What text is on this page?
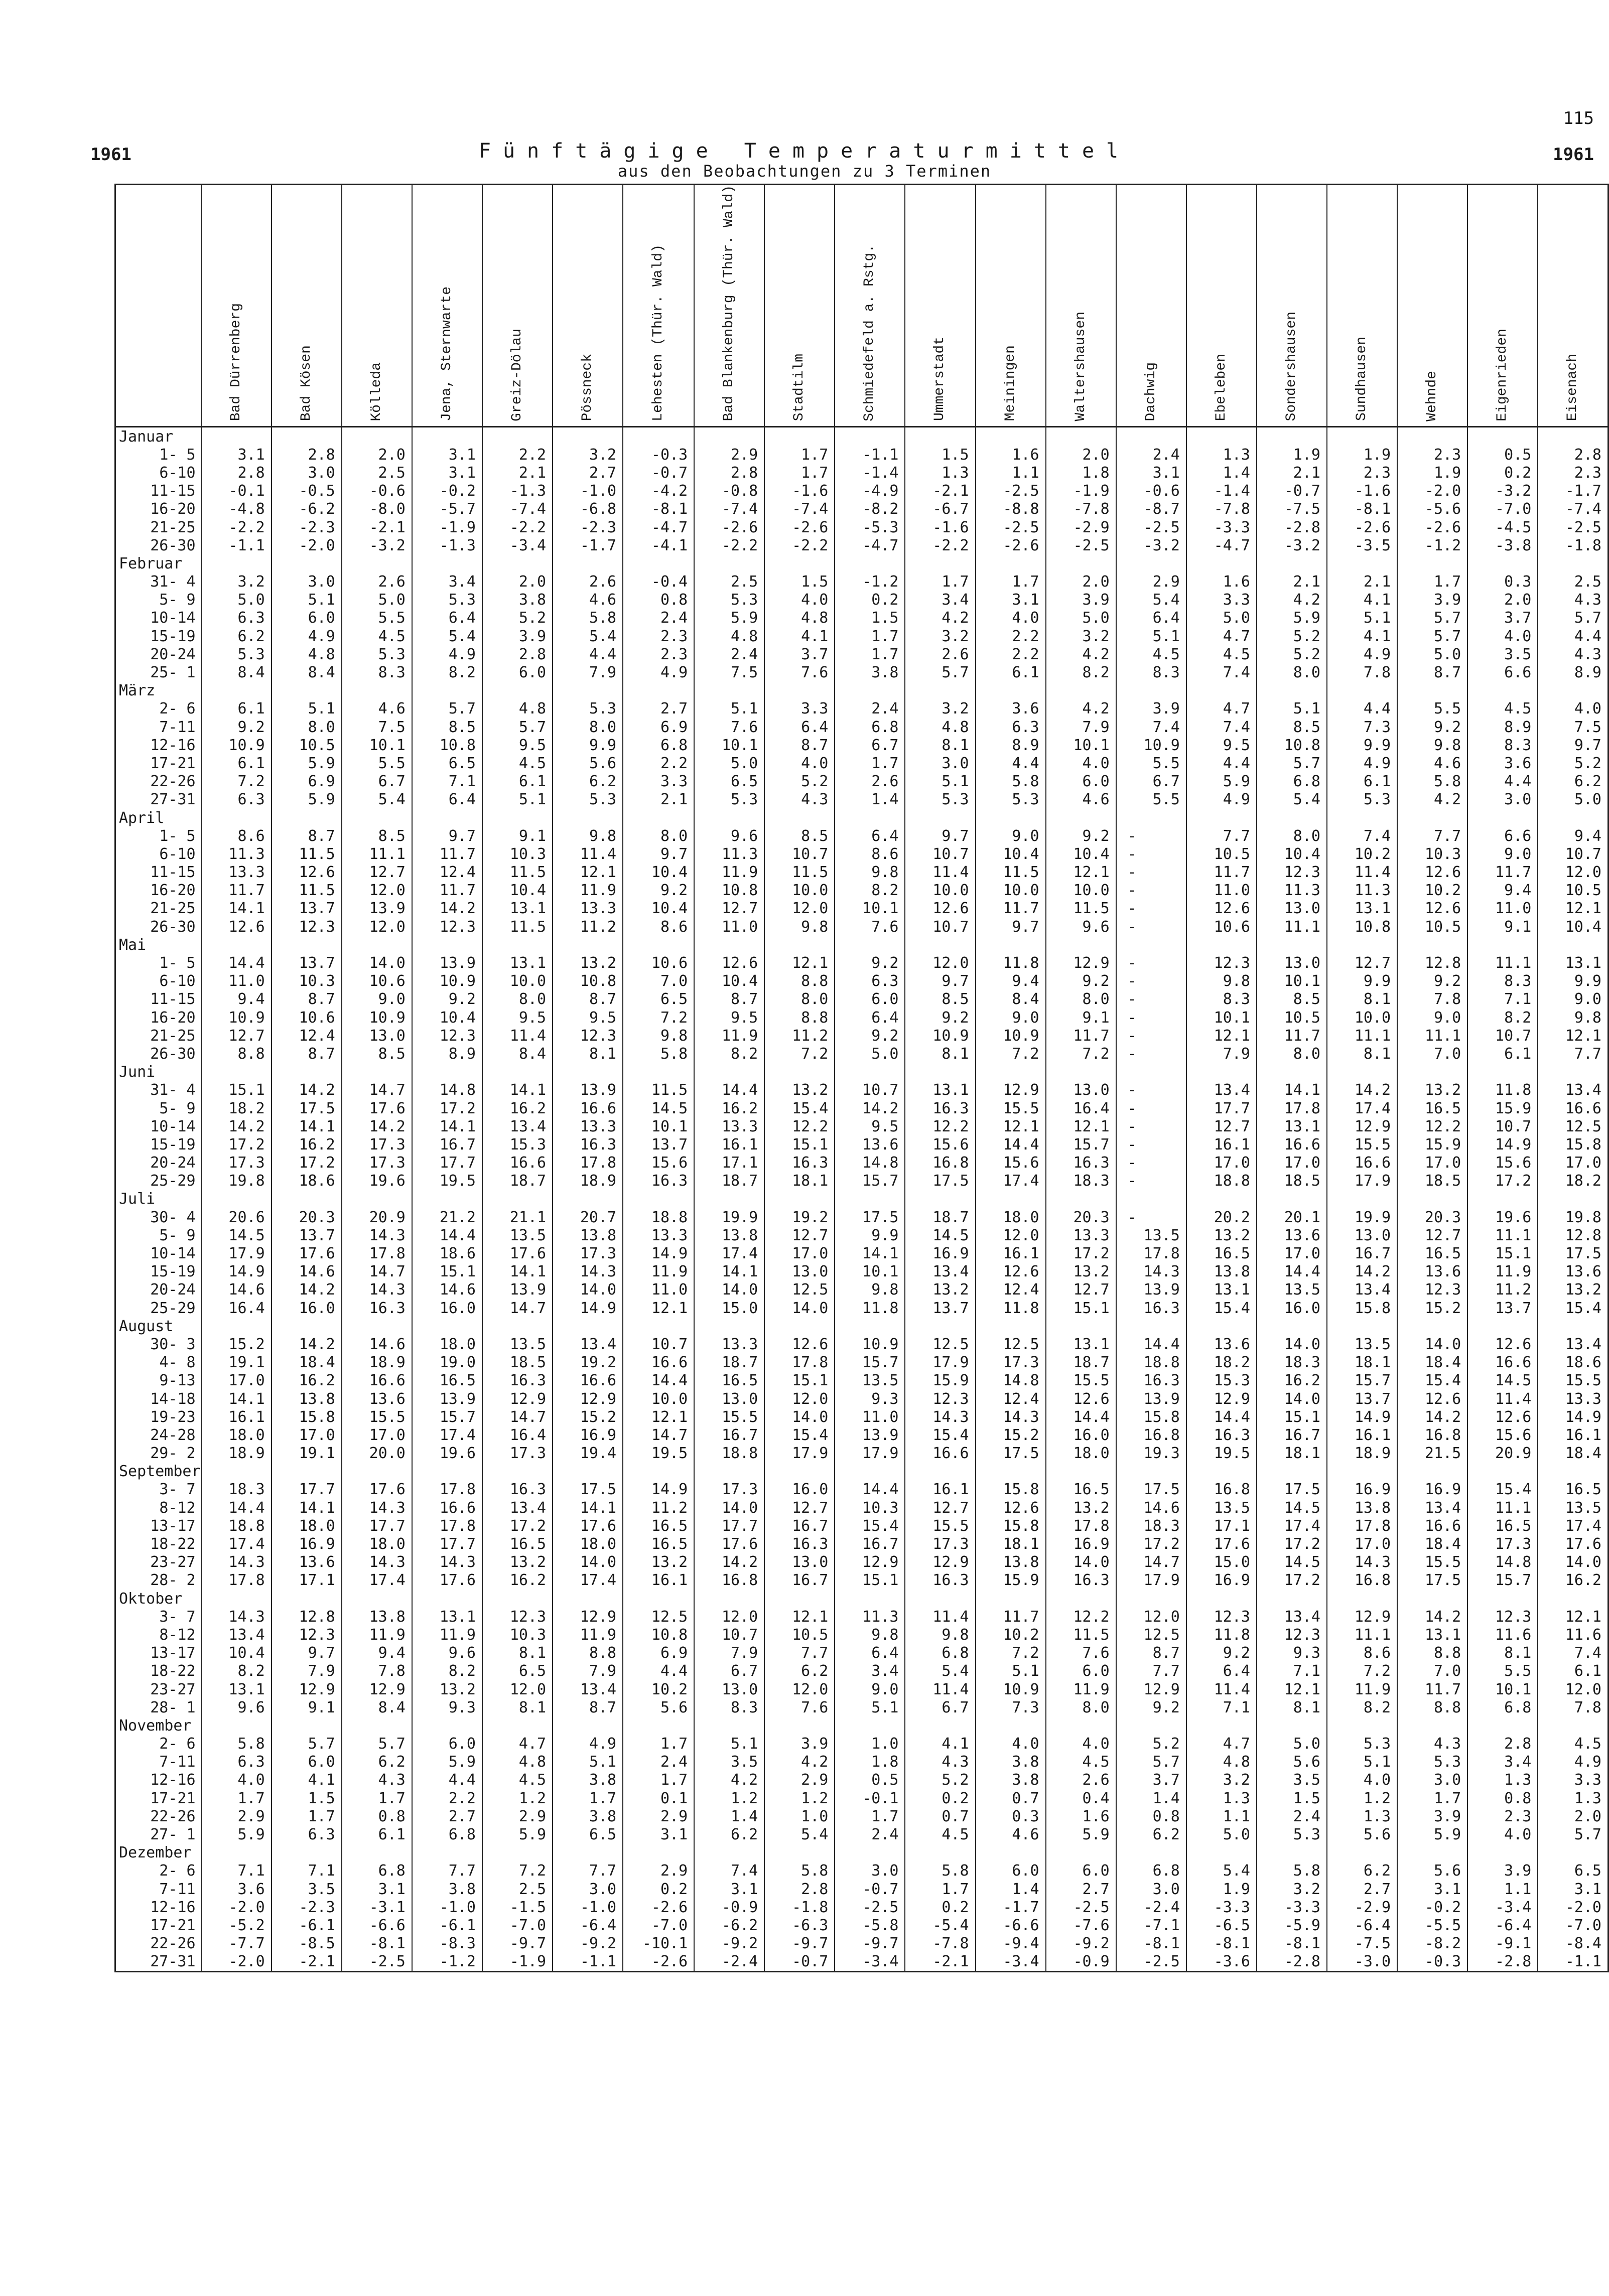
115
1961	1961
Fünftägige Temperaturmittel
aus den Beobachtungen zu 3 Terminen
	Bad Dürrenberg	Bad Kösen	Kölleda	Jena, Sternwarte	Greiz-Dölau	Pössneck	Lehesten (Thür. Wald)	Bad Blankenburg (Thür. Wald)	Stadtilm	Schmiedefeld a. Rstg.	Ummerstadt	Meiningen	Waltershausen	Dachwig	Ebeleben	Sondershausen	Sundhausen	Wehnde	Eigenrieden	Eisenach
Januar																				
1- 5	3.1	2.8	2.0	3.1	2.2	3.2	-0.3	2.9	1.7	-1.1	1.5	1.6	2.0	2.4	1.3	1.9	1.9	2.3	0.5	2.8
6-10	2.8	3.0	2.5	3.1	2.1	2.7	-0.7	2.8	1.7	-1.4	1.3	1.1	1.8	3.1	1.4	2.1	2.3	1.9	0.2	2.3
11-15	-0.1	-0.5	-0.6	-0.2	-1.3	-1.0	-4.2	-0.8	-1.6	-4.9	-2.1	-2.5	-1.9	-0.6	-1.4	-0.7	-1.6	-2.0	-3.2	-1.7
16-20	-4.8	-6.2	-8.0	-5.7	-7.4	-6.8	-8.1	-7.4	-7.4	-8.2	-6.7	-8.8	-7.8	-8.7	-7.8	-7.5	-8.1	-5.6	-7.0	-7.4
21-25	-2.2	-2.3	-2.1	-1.9	-2.2	-2.3	-4.7	-2.6	-2.6	-5.3	-1.6	-2.5	-2.9	-2.5	-3.3	-2.8	-2.6	-2.6	-4.5	-2.5
26-30	-1.1	-2.0	-3.2	-1.3	-3.4	-1.7	-4.1	-2.2	-2.2	-4.7	-2.2	-2.6	-2.5	-3.2	-4.7	-3.2	-3.5	-1.2	-3.8	-1.8
Februar																				
31- 4	3.2	3.0	2.6	3.4	2.0	2.6	-0.4	2.5	1.5	-1.2	1.7	1.7	2.0	2.9	1.6	2.1	2.1	1.7	0.3	2.5
5- 9	5.0	5.1	5.0	5.3	3.8	4.6	0.8	5.3	4.0	0.2	3.4	3.1	3.9	5.4	3.3	4.2	4.1	3.9	2.0	4.3
10-14	6.3	6.0	5.5	6.4	5.2	5.8	2.4	5.9	4.8	1.5	4.2	4.0	5.0	6.4	5.0	5.9	5.1	5.7	3.7	5.7
15-19	6.2	4.9	4.5	5.4	3.9	5.4	2.3	4.8	4.1	1.7	3.2	2.2	3.2	5.1	4.7	5.2	4.1	5.7	4.0	4.4
20-24	5.3	4.8	5.3	4.9	2.8	4.4	2.3	2.4	3.7	1.7	2.6	2.2	4.2	4.5	4.5	5.2	4.9	5.0	3.5	4.3
25- 1	8.4	8.4	8.3	8.2	6.0	7.9	4.9	7.5	7.6	3.8	5.7	6.1	8.2	8.3	7.4	8.0	7.8	8.7	6.6	8.9
März																				
2- 6	6.1	5.1	4.6	5.7	4.8	5.3	2.7	5.1	3.3	2.4	3.2	3.6	4.2	3.9	4.7	5.1	4.4	5.5	4.5	4.0
7-11	9.2	8.0	7.5	8.5	5.7	8.0	6.9	7.6	6.4	6.8	4.8	6.3	7.9	7.4	7.4	8.5	7.3	9.2	8.9	7.5
12-16	10.9	10.5	10.1	10.8	9.5	9.9	6.8	10.1	8.7	6.7	8.1	8.9	10.1	10.9	9.5	10.8	9.9	9.8	8.3	9.7
17-21	6.1	5.9	5.5	6.5	4.5	5.6	2.2	5.0	4.0	1.7	3.0	4.4	4.0	5.5	4.4	5.7	4.9	4.6	3.6	5.2
22-26	7.2	6.9	6.7	7.1	6.1	6.2	3.3	6.5	5.2	2.6	5.1	5.8	6.0	6.7	5.9	6.8	6.1	5.8	4.4	6.2
27-31	6.3	5.9	5.4	6.4	5.1	5.3	2.1	5.3	4.3	1.4	5.3	5.3	4.6	5.5	4.9	5.4	5.3	4.2	3.0	5.0
April																				
1- 5	8.6	8.7	8.5	9.7	9.1	9.8	8.0	9.6	8.5	6.4	9.7	9.0	9.2	-	7.7	8.0	7.4	7.7	6.6	9.4
6-10	11.3	11.5	11.1	11.7	10.3	11.4	9.7	11.3	10.7	8.6	10.7	10.4	10.4	-	10.5	10.4	10.2	10.3	9.0	10.7
11-15	13.3	12.6	12.7	12.4	11.5	12.1	10.4	11.9	11.5	9.8	11.4	11.5	12.1	-	11.7	12.3	11.4	12.6	11.7	12.0
16-20	11.7	11.5	12.0	11.7	10.4	11.9	9.2	10.8	10.0	8.2	10.0	10.0	10.0	-	11.0	11.3	11.3	10.2	9.4	10.5
21-25	14.1	13.7	13.9	14.2	13.1	13.3	10.4	12.7	12.0	10.1	12.6	11.7	11.5	-	12.6	13.0	13.1	12.6	11.0	12.1
26-30	12.6	12.3	12.0	12.3	11.5	11.2	8.6	11.0	9.8	7.6	10.7	9.7	9.6	-	10.6	11.1	10.8	10.5	9.1	10.4
Mai																				
1- 5	14.4	13.7	14.0	13.9	13.1	13.2	10.6	12.6	12.1	9.2	12.0	11.8	12.9	-	12.3	13.0	12.7	12.8	11.1	13.1
6-10	11.0	10.3	10.6	10.9	10.0	10.8	7.0	10.4	8.8	6.3	9.7	9.4	9.2	-	9.8	10.1	9.9	9.2	8.3	9.9
11-15	9.4	8.7	9.0	9.2	8.0	8.7	6.5	8.7	8.0	6.0	8.5	8.4	8.0	-	8.3	8.5	8.1	7.8	7.1	9.0
16-20	10.9	10.6	10.9	10.4	9.5	9.5	7.2	9.5	8.8	6.4	9.2	9.0	9.1	-	10.1	10.5	10.0	9.0	8.2	9.8
21-25	12.7	12.4	13.0	12.3	11.4	12.3	9.8	11.9	11.2	9.2	10.9	10.9	11.7	-	12.1	11.7	11.1	11.1	10.7	12.1
26-30	8.8	8.7	8.5	8.9	8.4	8.1	5.8	8.2	7.2	5.0	8.1	7.2	7.2	-	7.9	8.0	8.1	7.0	6.1	7.7
Juni																				
31- 4	15.1	14.2	14.7	14.8	14.1	13.9	11.5	14.4	13.2	10.7	13.1	12.9	13.0	-	13.4	14.1	14.2	13.2	11.8	13.4
5- 9	18.2	17.5	17.6	17.2	16.2	16.6	14.5	16.2	15.4	14.2	16.3	15.5	16.4	-	17.7	17.8	17.4	16.5	15.9	16.6
10-14	14.2	14.1	14.2	14.1	13.4	13.3	10.1	13.3	12.2	9.5	12.2	12.1	12.1	-	12.7	13.1	12.9	12.2	10.7	12.5
15-19	17.2	16.2	17.3	16.7	15.3	16.3	13.7	16.1	15.1	13.6	15.6	14.4	15.7	-	16.1	16.6	15.5	15.9	14.9	15.8
20-24	17.3	17.2	17.3	17.7	16.6	17.8	15.6	17.1	16.3	14.8	16.8	15.6	16.3	-	17.0	17.0	16.6	17.0	15.6	17.0
25-29	19.8	18.6	19.6	19.5	18.7	18.9	16.3	18.7	18.1	15.7	17.5	17.4	18.3	-	18.8	18.5	17.9	18.5	17.2	18.2
Juli																				
30- 4	20.6	20.3	20.9	21.2	21.1	20.7	18.8	19.9	19.2	17.5	18.7	18.0	20.3	-	20.2	20.1	19.9	20.3	19.6	19.8
5- 9	14.5	13.7	14.3	14.4	13.5	13.8	13.3	13.8	12.7	9.9	14.5	12.0	13.3	13.5	13.2	13.6	13.0	12.7	11.1	12.8
10-14	17.9	17.6	17.8	18.6	17.6	17.3	14.9	17.4	17.0	14.1	16.9	16.1	17.2	17.8	16.5	17.0	16.7	16.5	15.1	17.5
15-19	14.9	14.6	14.7	15.1	14.1	14.3	11.9	14.1	13.0	10.1	13.4	12.6	13.2	14.3	13.8	14.4	14.2	13.6	11.9	13.6
20-24	14.6	14.2	14.3	14.6	13.9	14.0	11.0	14.0	12.5	9.8	13.2	12.4	12.7	13.9	13.1	13.5	13.4	12.3	11.2	13.2
25-29	16.4	16.0	16.3	16.0	14.7	14.9	12.1	15.0	14.0	11.8	13.7	11.8	15.1	16.3	15.4	16.0	15.8	15.2	13.7	15.4
August																				
30- 3	15.2	14.2	14.6	18.0	13.5	13.4	10.7	13.3	12.6	10.9	12.5	12.5	13.1	14.4	13.6	14.0	13.5	14.0	12.6	13.4
4- 8	19.1	18.4	18.9	19.0	18.5	19.2	16.6	18.7	17.8	15.7	17.9	17.3	18.7	18.8	18.2	18.3	18.1	18.4	16.6	18.6
9-13	17.0	16.2	16.6	16.5	16.3	16.6	14.4	16.5	15.1	13.5	15.9	14.8	15.5	16.3	15.3	16.2	15.7	15.4	14.5	15.5
14-18	14.1	13.8	13.6	13.9	12.9	12.9	10.0	13.0	12.0	9.3	12.3	12.4	12.6	13.9	12.9	14.0	13.7	12.6	11.4	13.3
19-23	16.1	15.8	15.5	15.7	14.7	15.2	12.1	15.5	14.0	11.0	14.3	14.3	14.4	15.8	14.4	15.1	14.9	14.2	12.6	14.9
24-28	18.0	17.0	17.0	17.4	16.4	16.9	14.7	16.7	15.4	13.9	15.4	15.2	16.0	16.8	16.3	16.7	16.1	16.8	15.6	16.1
29- 2	18.9	19.1	20.0	19.6	17.3	19.4	19.5	18.8	17.9	17.9	16.6	17.5	18.0	19.3	19.5	18.1	18.9	21.5	20.9	18.4
September																				
3- 7	18.3	17.7	17.6	17.8	16.3	17.5	14.9	17.3	16.0	14.4	16.1	15.8	16.5	17.5	16.8	17.5	16.9	16.9	15.4	16.5
8-12	14.4	14.1	14.3	16.6	13.4	14.1	11.2	14.0	12.7	10.3	12.7	12.6	13.2	14.6	13.5	14.5	13.8	13.4	11.1	13.5
13-17	18.8	18.0	17.7	17.8	17.2	17.6	16.5	17.7	16.7	15.4	15.5	15.8	17.8	18.3	17.1	17.4	17.8	16.6	16.5	17.4
18-22	17.4	16.9	18.0	17.7	16.5	18.0	16.5	17.6	16.3	16.7	17.3	18.1	16.9	17.2	17.6	17.2	17.0	18.4	17.3	17.6
23-27	14.3	13.6	14.3	14.3	13.2	14.0	13.2	14.2	13.0	12.9	12.9	13.8	14.0	14.7	15.0	14.5	14.3	15.5	14.8	14.0
28- 2	17.8	17.1	17.4	17.6	16.2	17.4	16.1	16.8	16.7	15.1	16.3	15.9	16.3	17.9	16.9	17.2	16.8	17.5	15.7	16.2
Oktober																				
3- 7	14.3	12.8	13.8	13.1	12.3	12.9	12.5	12.0	12.1	11.3	11.4	11.7	12.2	12.0	12.3	13.4	12.9	14.2	12.3	12.1
8-12	13.4	12.3	11.9	11.9	10.3	11.9	10.8	10.7	10.5	9.8	9.8	10.2	11.5	12.5	11.8	12.3	11.1	13.1	11.6	11.6
13-17	10.4	9.7	9.4	9.6	8.1	8.8	6.9	7.9	7.7	6.4	6.8	7.2	7.6	8.7	9.2	9.3	8.6	8.8	8.1	7.4
18-22	8.2	7.9	7.8	8.2	6.5	7.9	4.4	6.7	6.2	3.4	5.4	5.1	6.0	7.7	6.4	7.1	7.2	7.0	5.5	6.1
23-27	13.1	12.9	12.9	13.2	12.0	13.4	10.2	13.0	12.0	9.0	11.4	10.9	11.9	12.9	11.4	12.1	11.9	11.7	10.1	12.0
28- 1	9.6	9.1	8.4	9.3	8.1	8.7	5.6	8.3	7.6	5.1	6.7	7.3	8.0	9.2	7.1	8.1	8.2	8.8	6.8	7.8
November																				
2- 6	5.8	5.7	5.7	6.0	4.7	4.9	1.7	5.1	3.9	1.0	4.1	4.0	4.0	5.2	4.7	5.0	5.3	4.3	2.8	4.5
7-11	6.3	6.0	6.2	5.9	4.8	5.1	2.4	3.5	4.2	1.8	4.3	3.8	4.5	5.7	4.8	5.6	5.1	5.3	3.4	4.9
12-16	4.0	4.1	4.3	4.4	4.5	3.8	1.7	4.2	2.9	0.5	5.2	3.8	2.6	3.7	3.2	3.5	4.0	3.0	1.3	3.3
17-21	1.7	1.5	1.7	2.2	1.2	1.7	0.1	1.2	1.2	-0.1	0.2	0.7	0.4	1.4	1.3	1.5	1.2	1.7	0.8	1.3
22-26	2.9	1.7	0.8	2.7	2.9	3.8	2.9	1.4	1.0	1.7	0.7	0.3	1.6	0.8	1.1	2.4	1.3	3.9	2.3	2.0
27- 1	5.9	6.3	6.1	6.8	5.9	6.5	3.1	6.2	5.4	2.4	4.5	4.6	5.9	6.2	5.0	5.3	5.6	5.9	4.0	5.7
Dezember																				
2- 6	7.1	7.1	6.8	7.7	7.2	7.7	2.9	7.4	5.8	3.0	5.8	6.0	6.0	6.8	5.4	5.8	6.2	5.6	3.9	6.5
7-11	3.6	3.5	3.1	3.8	2.5	3.0	0.2	3.1	2.8	-0.7	1.7	1.4	2.7	3.0	1.9	3.2	2.7	3.1	1.1	3.1
12-16	-2.0	-2.3	-3.1	-1.0	-1.5	-1.0	-2.6	-0.9	-1.8	-2.5	0.2	-1.7	-2.5	-2.4	-3.3	-3.3	-2.9	-0.2	-3.4	-2.0
17-21	-5.2	-6.1	-6.6	-6.1	-7.0	-6.4	-7.0	-6.2	-6.3	-5.8	-5.4	-6.6	-7.6	-7.1	-6.5	-5.9	-6.4	-5.5	-6.4	-7.0
22-26	-7.7	-8.5	-8.1	-8.3	-9.7	-9.2	-10.1	-9.2	-9.7	-9.7	-7.8	-9.4	-9.2	-8.1	-8.1	-8.1	-7.5	-8.2	-9.1	-8.4
27-31	-2.0	-2.1	-2.5	-1.2	-1.9	-1.1	-2.6	-2.4	-0.7	-3.4	-2.1	-3.4	-0.9	-2.5	-3.6	-2.8	-3.0	-0.3	-2.8	-1.1
